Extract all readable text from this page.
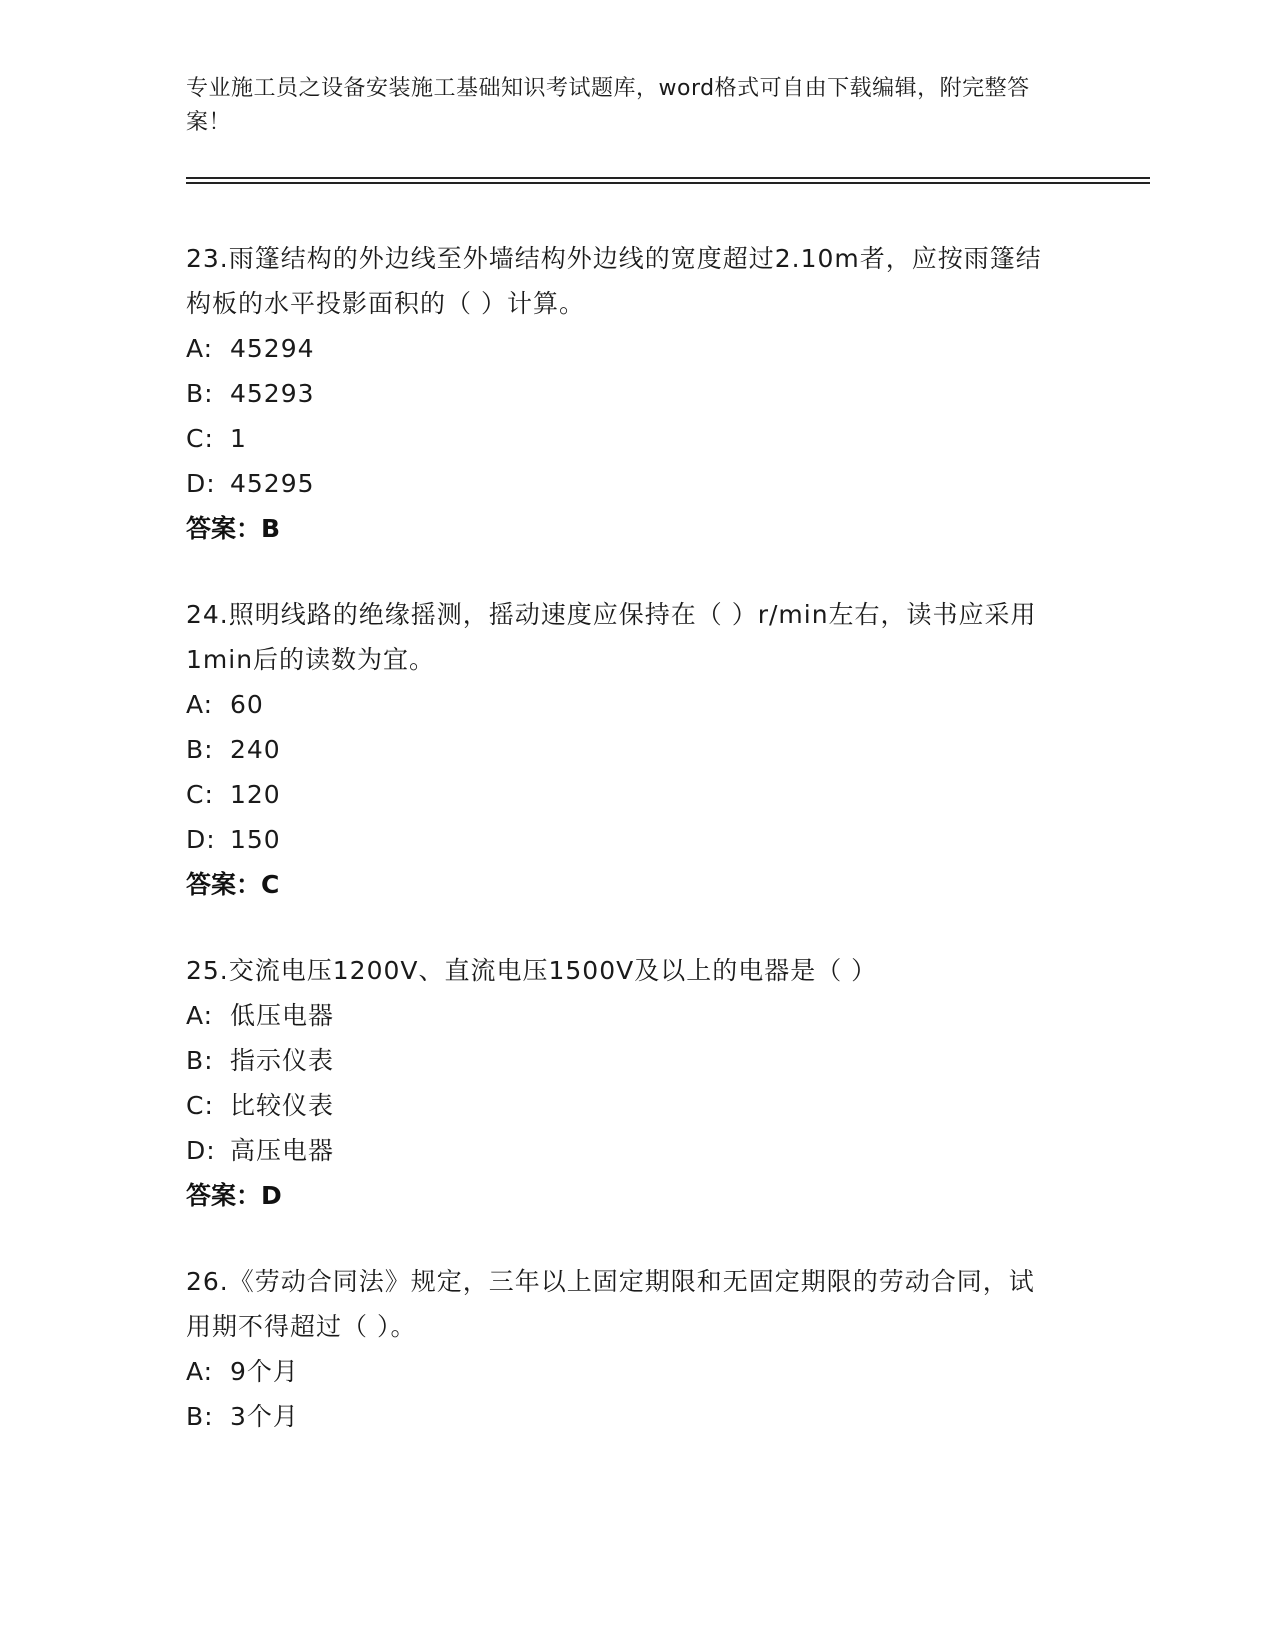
专业施工员之设备安装施工基础知识考试题库，word格式可自由下载编辑，附完整答案！
23.雨篷结构的外边线至外墙结构外边线的宽度超过2.10m者，应按雨篷结构板的水平投影面积的（ ）计算。
A: 45294
B: 45293
C: 1
D: 45295
答案：B
24.照明线路的绝缘摇测，摇动速度应保持在（ ）r/min左右，读书应采用1min后的读数为宜。
A: 60
B: 240
C: 120
D: 150
答案：C
25.交流电压1200V、直流电压1500V及以上的电器是（ ）
A: 低压电器
B: 指示仪表
C: 比较仪表
D: 高压电器
答案：D
26.《劳动合同法》规定，三年以上固定期限和无固定期限的劳动合同，试用期不得超过（ ）。
A: 9个月
B: 3个月
